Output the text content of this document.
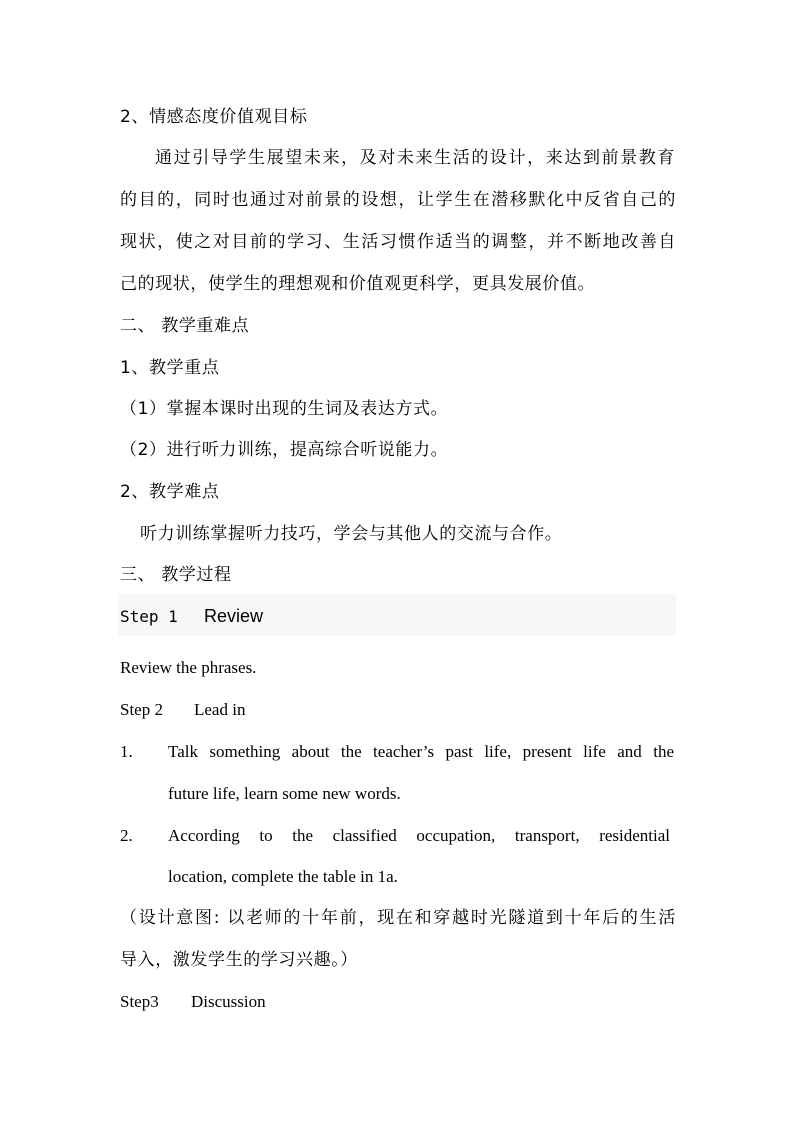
2、情感态度价值观目标
通过引导学生展望未来，及对未来生活的设计，来达到前景教育
的目的，同时也通过对前景的设想，让学生在潜移默化中反省自己的
现状，使之对目前的学习、生活习惯作适当的调整，并不断地改善自
己的现状，使学生的理想观和价值观更科学，更具发展价值。
二、 教学重难点
1、教学重点
（1）掌握本课时出现的生词及表达方式。
（2）进行听力训练，提高综合听说能力。
2、教学难点
听力训练掌握听力技巧，学会与其他人的交流与合作。
三、 教学过程
Step 1 Review
Review the phrases.
Step 2 Lead in
1. Talk something about the teacher’s past life, present life and the
future life, learn some new words.
2. According to the classified occupation, transport, residential
location, complete the table in 1a.
（设计意图: 以老师的十年前，现在和穿越时光隧道到十年后的生活
导入，激发学生的学习兴趣。）
Step3 Discussion
